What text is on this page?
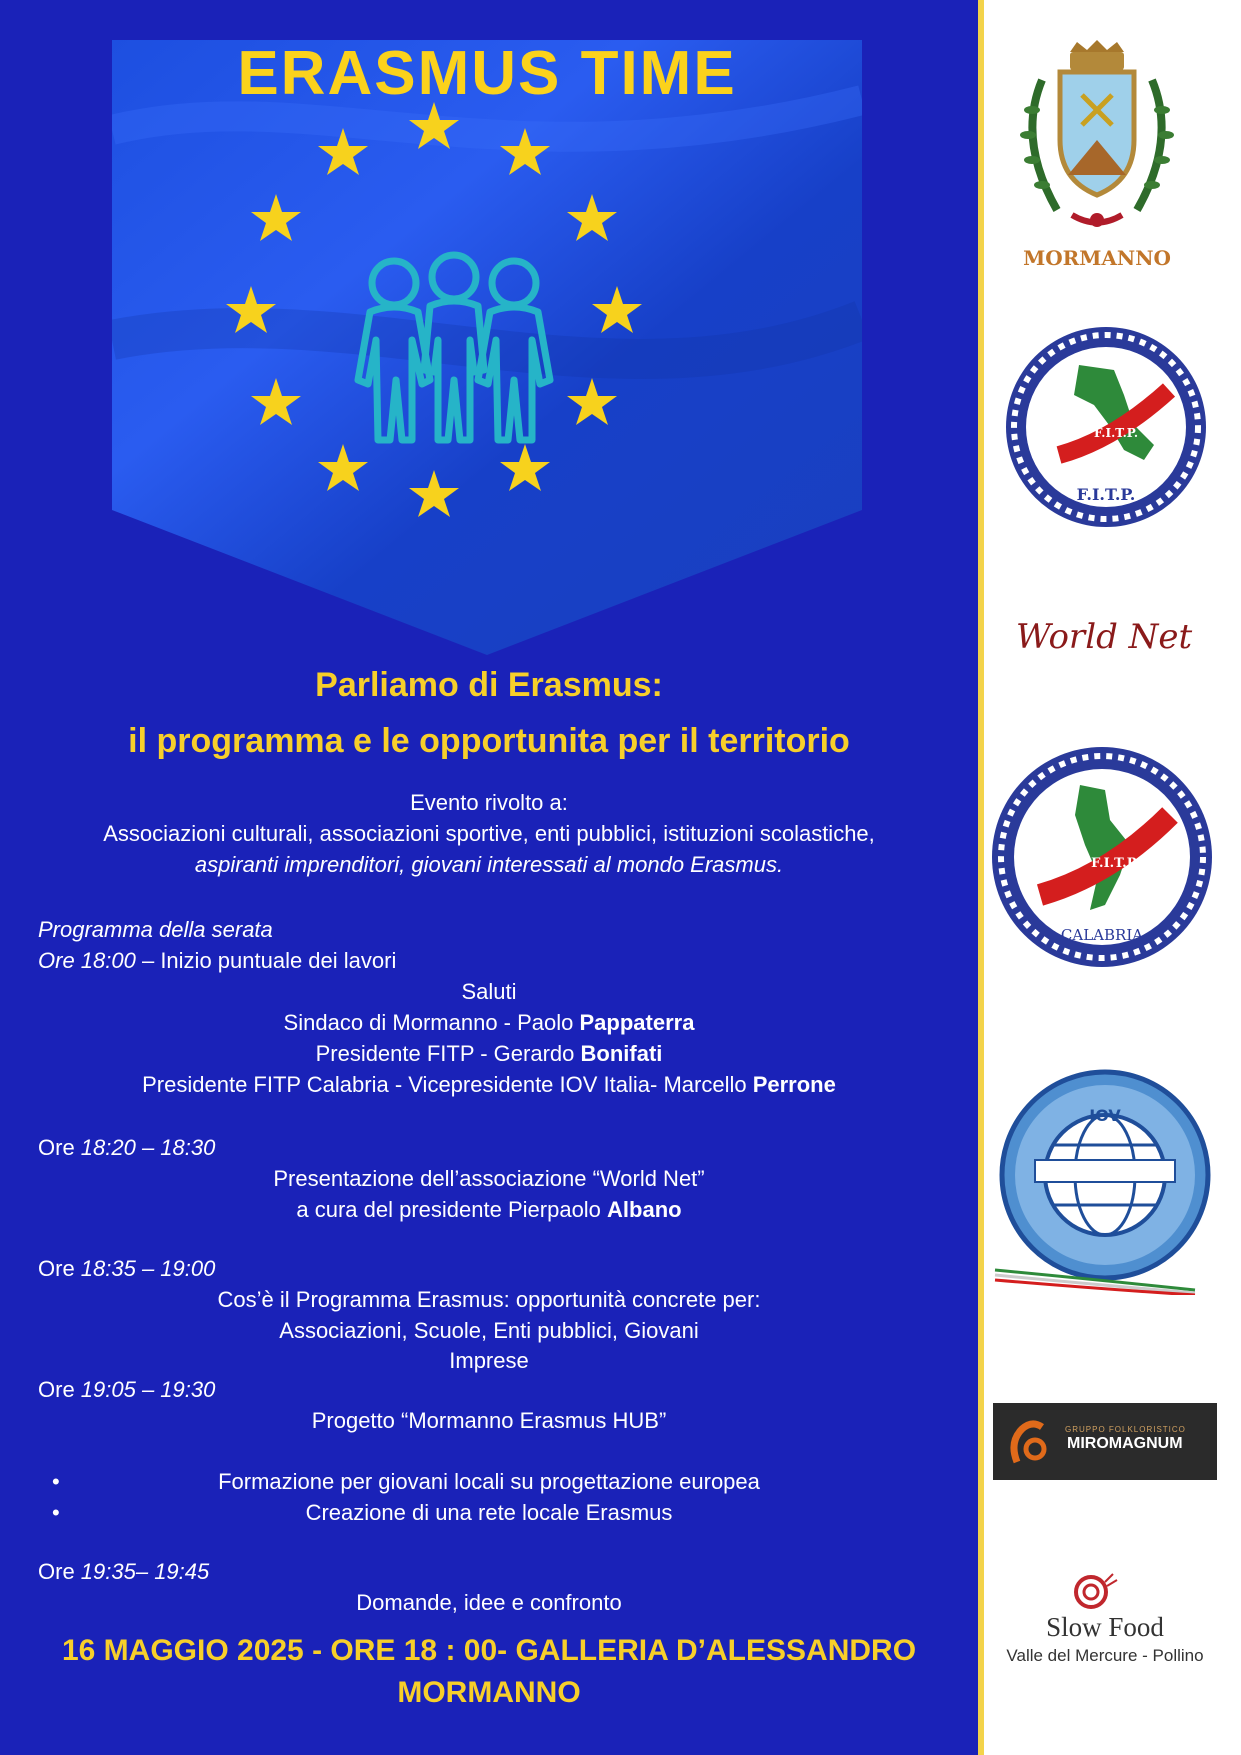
ERASMUS TIME

Parliamo di Erasmus:

il programma e le opportunita per il territorio

Evento rivolto a:

Associazioni culturali, associazioni sportive, enti pubblici, istituzioni scolastiche,

aspiranti imprenditori, giovani interessati al mondo Erasmus.

Programma della serata

Ore 18:00 – Inizio puntuale dei lavori

Saluti

Sindaco di Mormanno - Paolo Pappaterra

Presidente FITP - Gerardo Bonifati

Presidente FITP Calabria - Vicepresidente IOV Italia- Marcello Perrone

Ore 18:20 – 18:30

Presentazione dell’associazione “World Net”

a cura del presidente Pierpaolo Albano

Ore 18:35 – 19:00

Cos’è il Programma Erasmus: opportunità concrete per:

Associazioni, Scuole, Enti pubblici, Giovani

Imprese

Ore 19:05 – 19:30

Progetto “Mormanno Erasmus HUB”

•	Formazione per giovani locali su progettazione europea

•	Creazione di una rete locale Erasmus

Ore 19:35– 19:45

Domande, idee e confronto

16 MAGGIO 2025 - ORE 18 : 00- GALLERIA D’ALESSANDRO

MORMANNO

MORMANNO
F.I.T.P.
F.I.T.P.
World Net
F.I.T.P.
CALABRIA
IOV
GRUPPO FOLKLORISTICO
MIROMAGNUM
Slow Food
Valle del Mercure - Pollino
